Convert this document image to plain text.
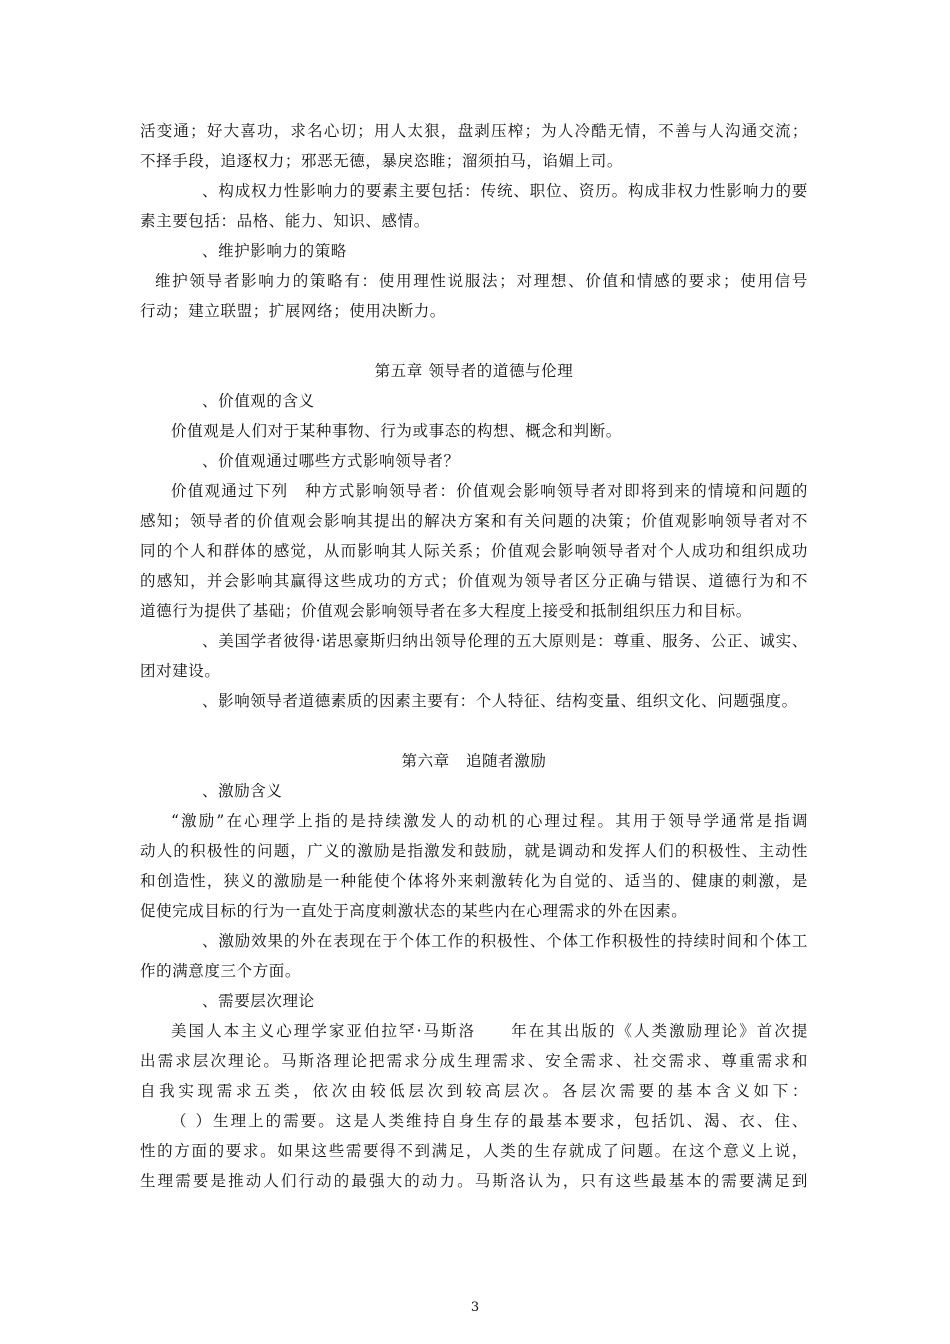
活变通；好大喜功，求名心切；用人太狠，盘剥压榨；为人冷酷无情，不善与人沟通交流；
不择手段，追逐权力；邪恶无德，暴戾恣睢；溜须拍马，谄媚上司。
、构成权力性影响力的要素主要包括：传统、职位、资历。构成非权力性影响力的要
素主要包括：品格、能力、知识、感情。
、维护影响力的策略
维护领导者影响力的策略有：使用理性说服法；对理想、价值和情感的要求；使用信号
行动；建立联盟；扩展网络；使用决断力。
第五章 领导者的道德与伦理
、价值观的含义
价值观是人们对于某种事物、行为或事态的构想、概念和判断。
、价值观通过哪些方式影响领导者？
价值观通过下列　种方式影响领导者：价值观会影响领导者对即将到来的情境和问题的
感知；领导者的价值观会影响其提出的解决方案和有关问题的决策；价值观影响领导者对不
同的个人和群体的感觉，从而影响其人际关系；价值观会影响领导者对个人成功和组织成功
的感知，并会影响其赢得这些成功的方式；价值观为领导者区分正确与错误、道德行为和不
道德行为提供了基础；价值观会影响领导者在多大程度上接受和抵制组织压力和目标。
、美国学者彼得·诺思豪斯归纳出领导伦理的五大原则是：尊重、服务、公正、诚实、
团对建设。
、影响领导者道德素质的因素主要有：个人特征、结构变量、组织文化、问题强度。
第六章　追随者激励
、激励含义
“激励”在心理学上指的是持续激发人的动机的心理过程。其用于领导学通常是指调
动人的积极性的问题，广义的激励是指激发和鼓励，就是调动和发挥人们的积极性、主动性
和创造性，狭义的激励是一种能使个体将外来刺激转化为自觉的、适当的、健康的刺激，是
促使完成目标的行为一直处于高度刺激状态的某些内在心理需求的外在因素。
、激励效果的外在表现在于个体工作的积极性、个体工作积极性的持续时间和个体工
作的满意度三个方面。
、需要层次理论
美国人本主义心理学家亚伯拉罕·马斯洛　　年在其出版的《人类激励理论》首次提
出需求层次理论。马斯洛理论把需求分成生理需求、安全需求、社交需求、尊重需求和
自我实现需求五类，依次由较低层次到较高层次。各层次需要的基本含义如下：
（ ）生理上的需要。这是人类维持自身生存的最基本要求，包括饥、渴、衣、住、
性的方面的要求。如果这些需要得不到满足，人类的生存就成了问题。在这个意义上说，
生理需要是推动人们行动的最强大的动力。马斯洛认为，只有这些最基本的需要满足到
3
